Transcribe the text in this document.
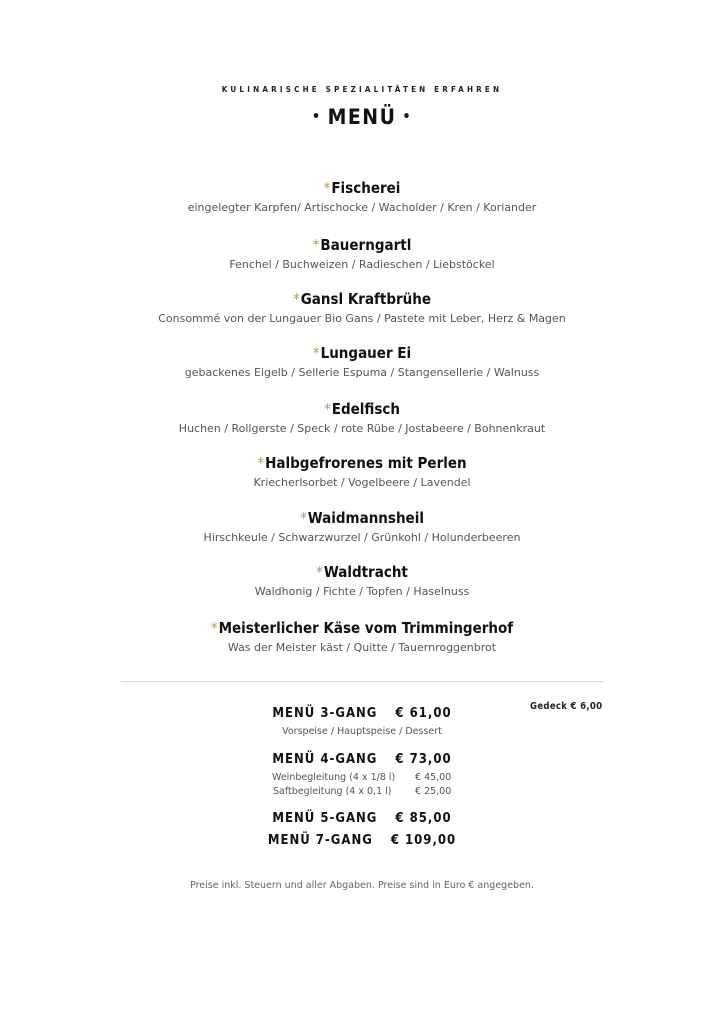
KULINARISCHE SPEZIALITÄTEN ERFAHREN
• MENÜ •
*Fischerei
eingelegter Karpfen/ Artischocke / Wacholder / Kren / Koriander
*Bauerngartl
Fenchel / Buchweizen / Radieschen / Liebstöckel
*Gansl Kraftbrühe
Consommé von der Lungauer Bio Gans / Pastete mit Leber, Herz & Magen
*Lungauer Ei
gebackenes Eigelb / Sellerie Espuma / Stangensellerie / Walnuss
*Edelfisch
Huchen / Rollgerste / Speck / rote Rübe / Jostabeere / Bohnenkraut
*Halbgefrorenes mit Perlen
Kriecherlsorbet / Vogelbeere / Lavendel
*Waidmannsheil
Hirschkeule / Schwarzwurzel / Grünkohl / Holunderbeeren
*Waldtracht
Waldhonig / Fichte / Topfen / Haselnuss
*Meisterlicher Käse vom Trimmingerhof
Was der Meister käst / Quitte / Tauernroggenbrot
Gedeck € 6,00
MENÜ 3-GANG € 61,00
Vorspeise / Hauptspeise / Dessert
MENÜ 4-GANG € 73,00
Weinbegleitung (4 x 1/8 l) € 45,00
Saftbegleitung (4 x 0,1 l) € 25,00
MENÜ 5-GANG € 85,00
MENÜ 7-GANG € 109,00
Preise inkl. Steuern und aller Abgaben. Preise sind in Euro € angegeben.
